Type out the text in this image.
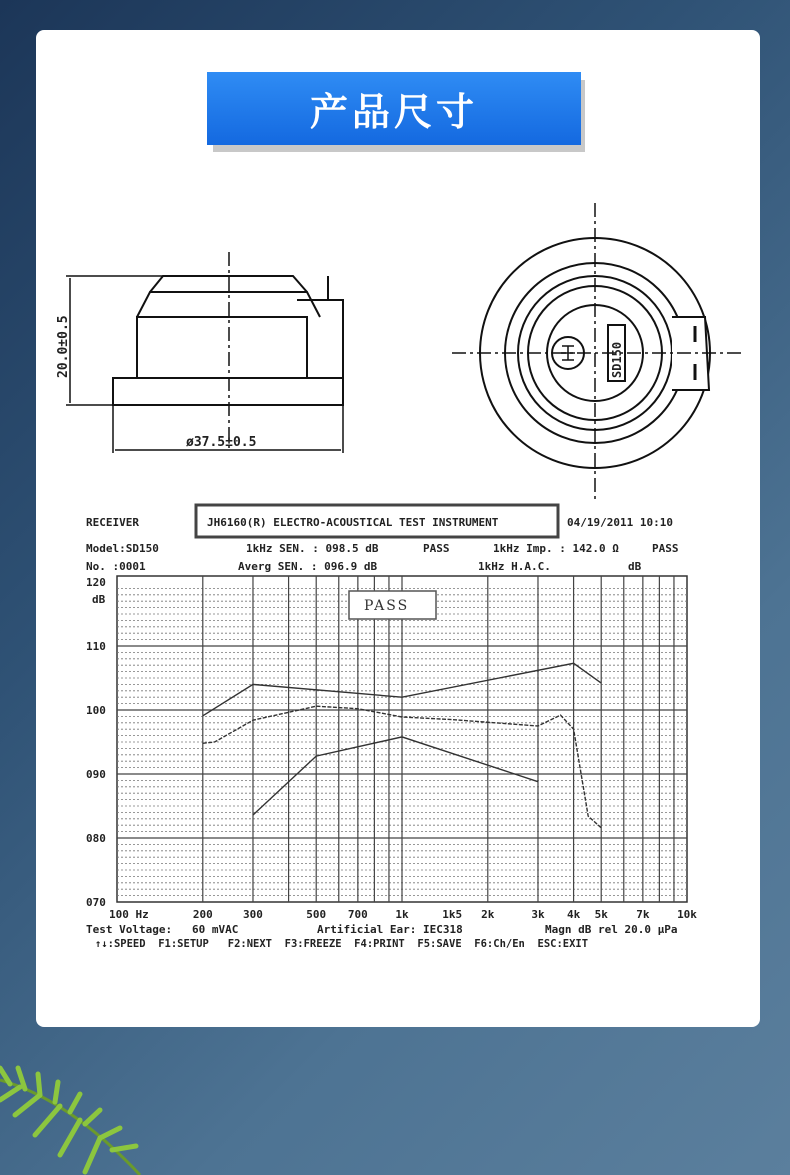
产品尺寸
20.0±0.5
ø37.5±0.5
SD150
RECEIVER	JH6160(R) ELECTRO-ACOUSTICAL TEST INSTRUMENT	04/19/2011 10:10
Model:SD150	1kHz SEN. : 098.5 dB	PASS	1kHz Imp. : 142.0 Ω	PASS
No. :0001	Averg SEN. : 096.9 dB	1kHz H.A.C.	dB
dB
120
110
100
090
080
070
100 Hz	200	300	500 700	1k	1k5 2k	3k 4k 5k	7k	10k
PASS
Test Voltage:   60 mVAC	Artificial Ear: IEC318	Magn dB rel 20.0 μPa
↑↓:SPEED  F1:SETUP   F2:NEXT  F3:FREEZE  F4:PRINT  F5:SAVE  F6:Ch/En  ESC:EXIT
